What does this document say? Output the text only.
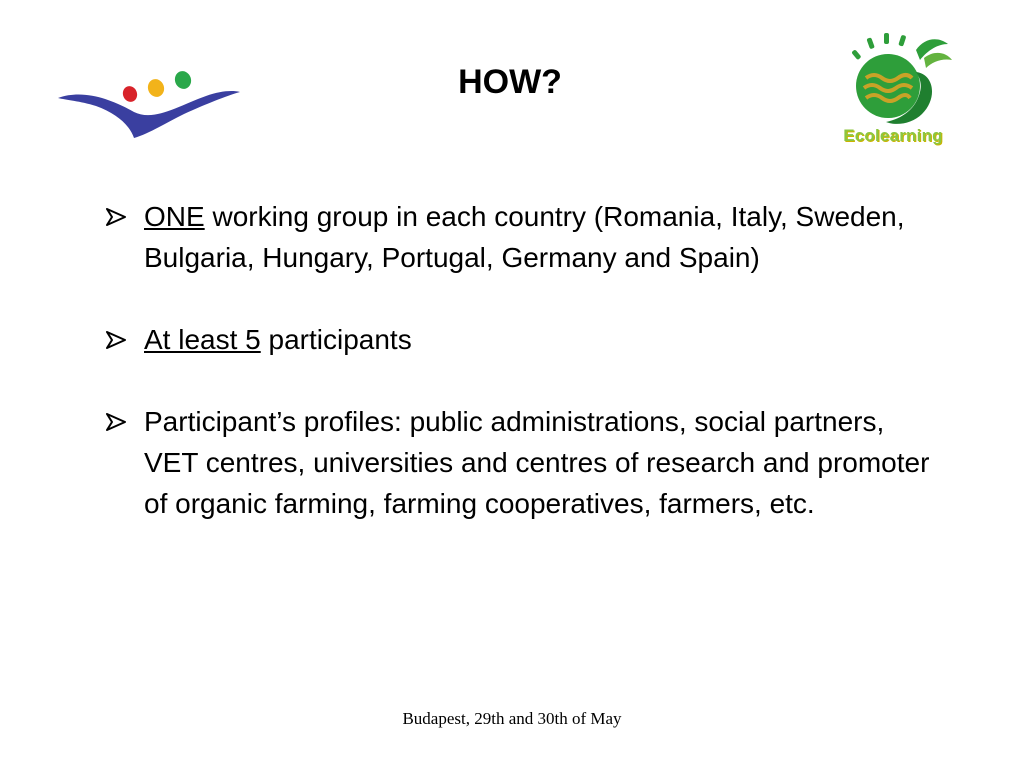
HOW?
Ecolearning
ONE working group in each country (Romania, Italy, Sweden, Bulgaria, Hungary, Portugal, Germany and Spain)
At least 5 participants
Participant’s profiles: public administrations, social partners, VET centres, universities and centres of research and promoter of organic farming, farming cooperatives, farmers, etc.
Budapest, 29th and 30th of May
